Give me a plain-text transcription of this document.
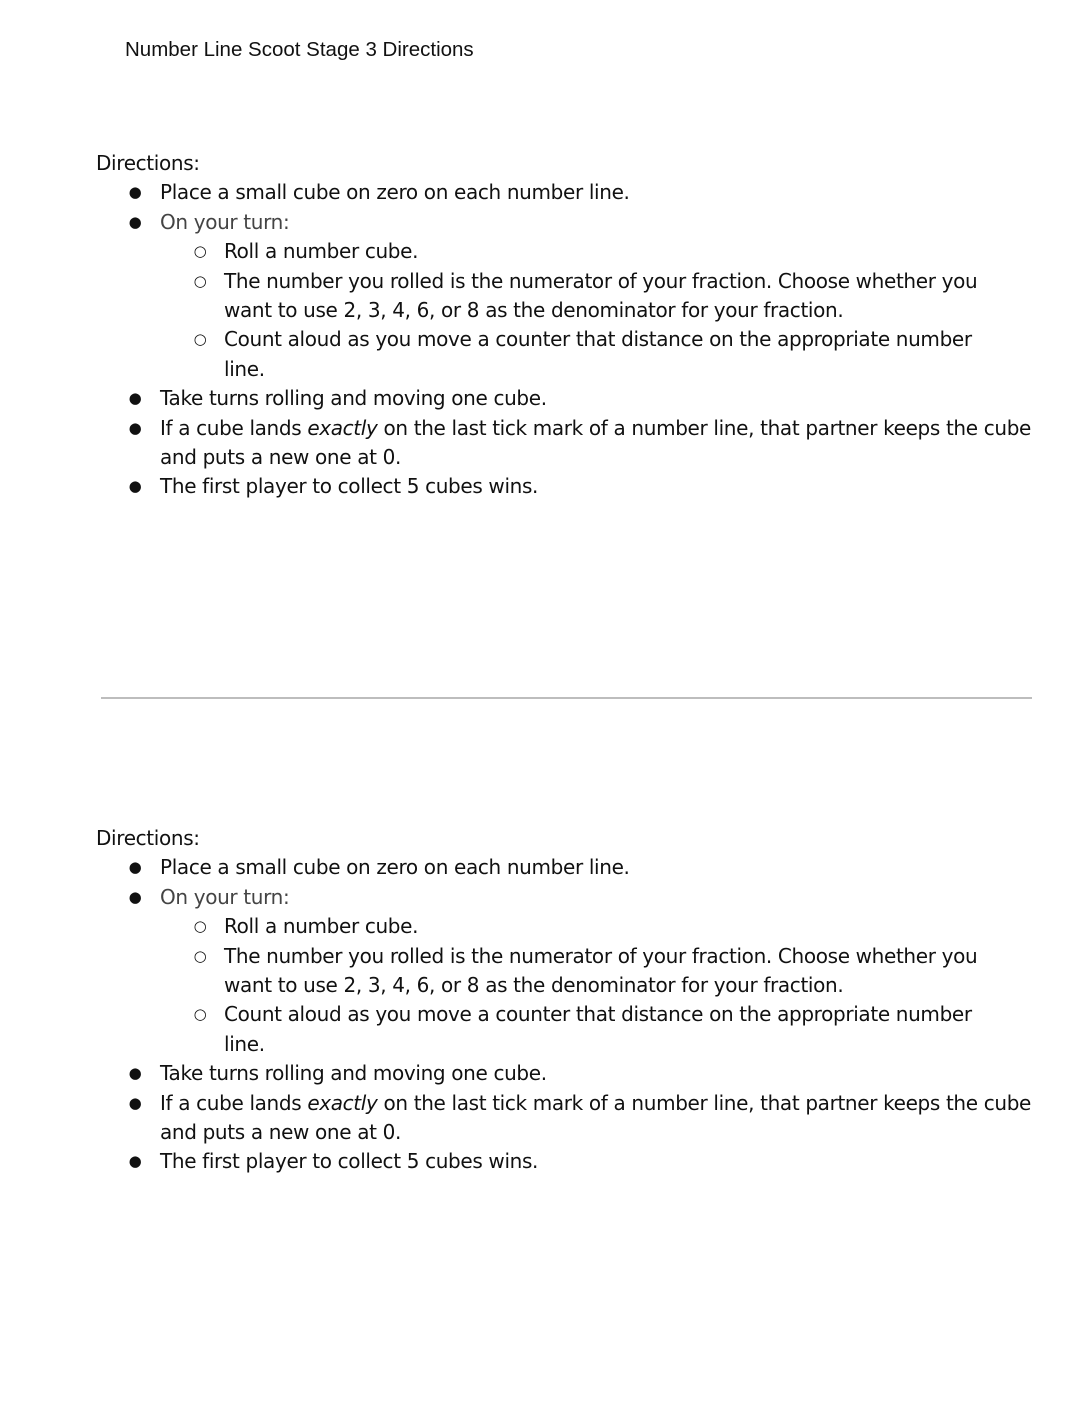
Number Line Scoot Stage 3 Directions

Directions:

● Place a small cube on zero on each number line.
● On your turn:
○ Roll a number cube.
○ The number you rolled is the numerator of your fraction. Choose whether you want to use 2, 3, 4, 6, or 8 as the denominator for your fraction.
○ Count aloud as you move a counter that distance on the appropriate number line.
● Take turns rolling and moving one cube.
● If a cube lands exactly on the last tick mark of a number line, that partner keeps the cube and puts a new one at 0.
● The first player to collect 5 cubes wins.

Directions:

● Place a small cube on zero on each number line.
● On your turn:
○ Roll a number cube.
○ The number you rolled is the numerator of your fraction. Choose whether you want to use 2, 3, 4, 6, or 8 as the denominator for your fraction.
○ Count aloud as you move a counter that distance on the appropriate number line.
● Take turns rolling and moving one cube.
● If a cube lands exactly on the last tick mark of a number line, that partner keeps the cube and puts a new one at 0.
● The first player to collect 5 cubes wins.
